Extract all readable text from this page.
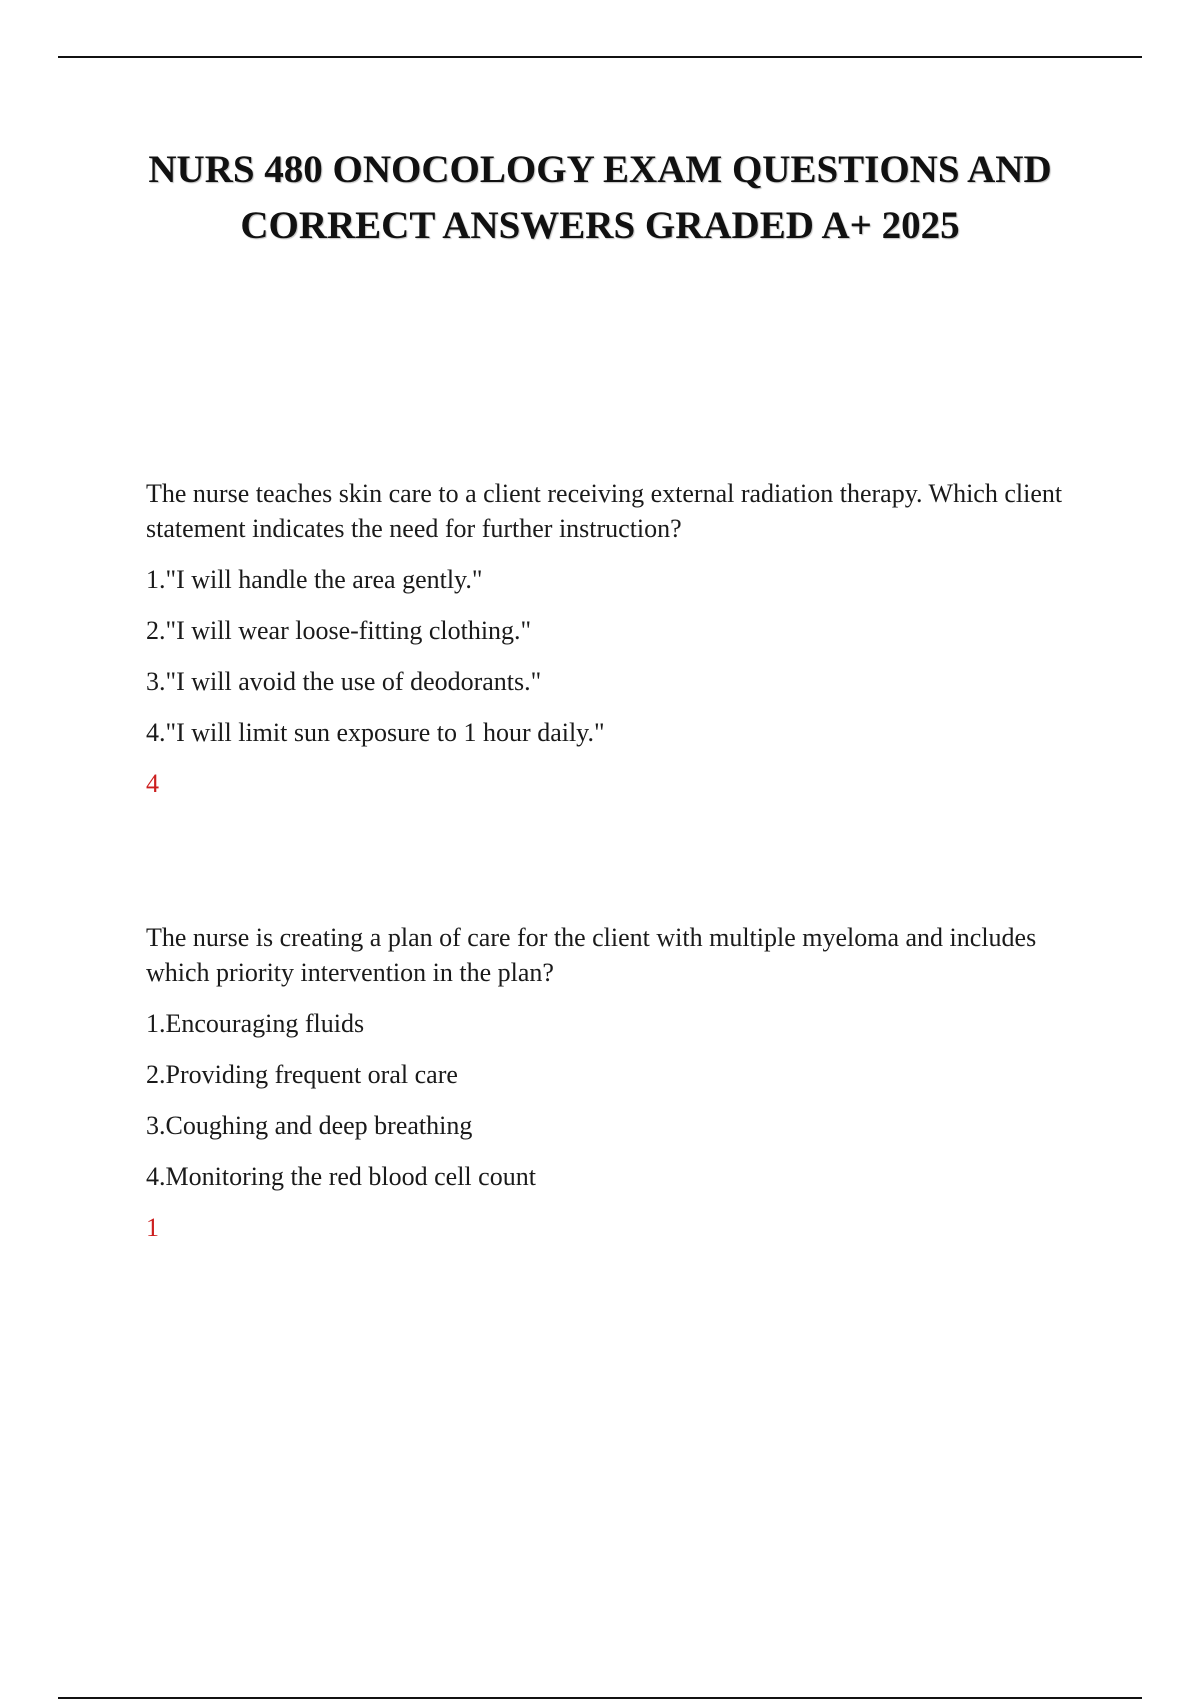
NURS 480 ONOCOLOGY EXAM QUESTIONS AND
CORRECT ANSWERS GRADED A+ 2025

The nurse teaches skin care to a client receiving external radiation therapy. Which client statement indicates the need for further instruction?

1."I will handle the area gently."
2."I will wear loose-fitting clothing."
3."I will avoid the use of deodorants."
4."I will limit sun exposure to 1 hour daily."
4

The nurse is creating a plan of care for the client with multiple myeloma and includes which priority intervention in the plan?

1.Encouraging fluids
2.Providing frequent oral care
3.Coughing and deep breathing
4.Monitoring the red blood cell count
1
